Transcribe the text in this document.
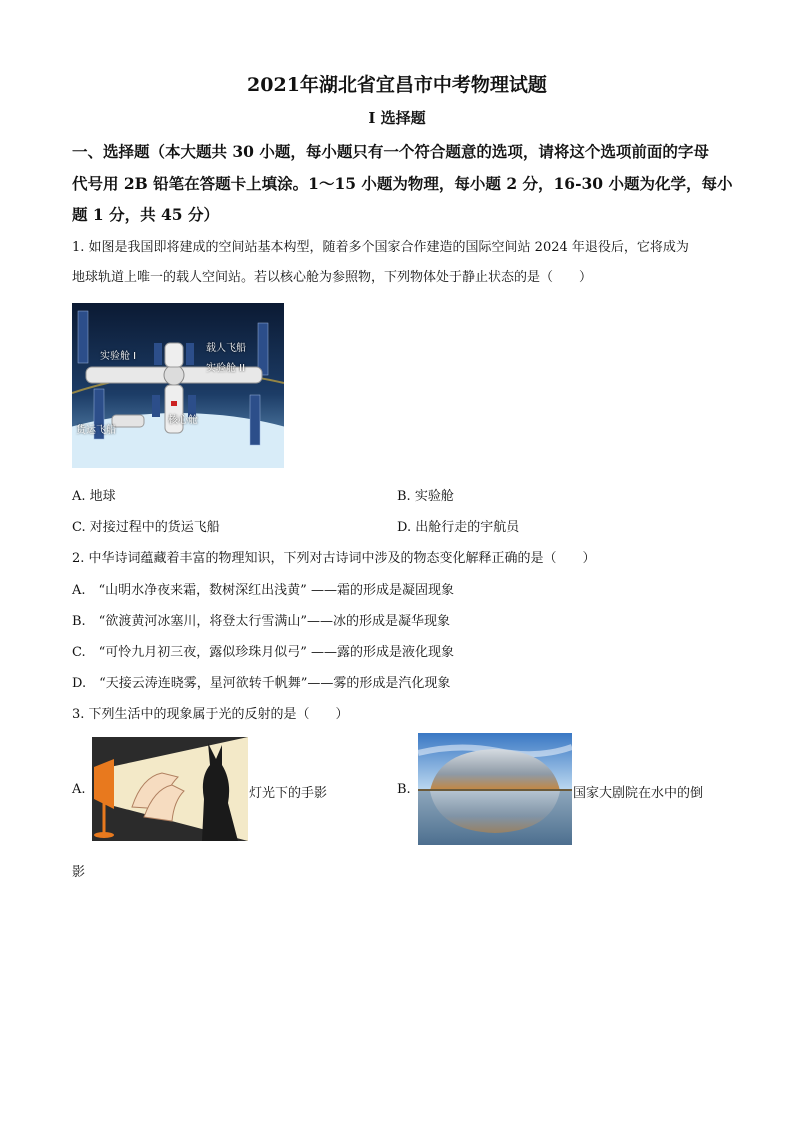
2021年湖北省宜昌市中考物理试题
I 选择题
一、选择题（本大题共 30 小题，每小题只有一个符合题意的选项，请将这个选项前面的字母
代号用 2B 铅笔在答题卡上填涂。1～15 小题为物理，每小题 2 分，16-30 小题为化学，每小
题 1 分，共 45 分）
1. 如图是我国即将建成的空间站基本构型，随着多个国家合作建造的国际空间站 2024 年退役后，它将成为
地球轨道上唯一的载人空间站。若以核心舱为参照物，下列物体处于静止状态的是（　　）
实验舱 I
载人飞船
实验舱 II
核心舱
货运飞船
A. 地球	B. 实验舱
C. 对接过程中的货运飞船	D. 出舱行走的宇航员
2. 中华诗词蕴藏着丰富的物理知识，下列对古诗词中涉及的物态变化解释正确的是（　　）
A.　“山明水净夜来霜，数树深红出浅黄” ——霜的形成是凝固现象
B.　“欲渡黄河冰塞川，将登太行雪满山”——冰的形成是凝华现象
C.　“可怜九月初三夜，露似珍珠月似弓” ——露的形成是液化现象
D.　“天接云涛连晓雾，星河欲转千帆舞”——雾的形成是汽化现象
3. 下列生活中的现象属于光的反射的是（　　）
A.	灯光下的手影	B.	国家大剧院在水中的倒
影
